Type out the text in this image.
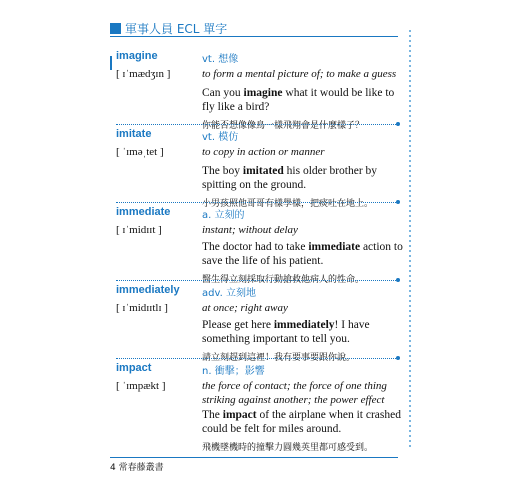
軍事人員 ECL 單字
imagine
[ ɪˈmædʒɪn ]
vt. 想像
to form a mental picture of; to make a guess
Can you imagine what it would be like to fly like a bird?
你能否想像像鳥一樣飛翔會是什麼樣子？
imitate
[ ˈɪməˌtet ]
vt. 模仿
to copy in action or manner
The boy imitated his older brother by spitting on the ground.
小男孩照他哥哥有樣學樣，把痰吐在地上。
immediate
[ ɪˈmidɪɪt ]
a. 立刻的
instant; without delay
The doctor had to take immediate action to save the life of his patient.
醫生得立刻採取行動搶救他病人的性命。
immediately
[ ɪˈmidɪɪtlɪ ]
adv. 立刻地
at once; right away
Please get here immediately! I have something important to tell you.
請立刻趕到這裡！我有要事要跟你說。
impact
[ ˈɪmpækt ]
n. 衝擊；影響
the force of contact; the force of one thing striking against another; the power effect
The impact of the airplane when it crashed could be felt for miles around.
飛機墜機時的撞擊力圓幾英里都可感受到。
4 常春藤叢書
